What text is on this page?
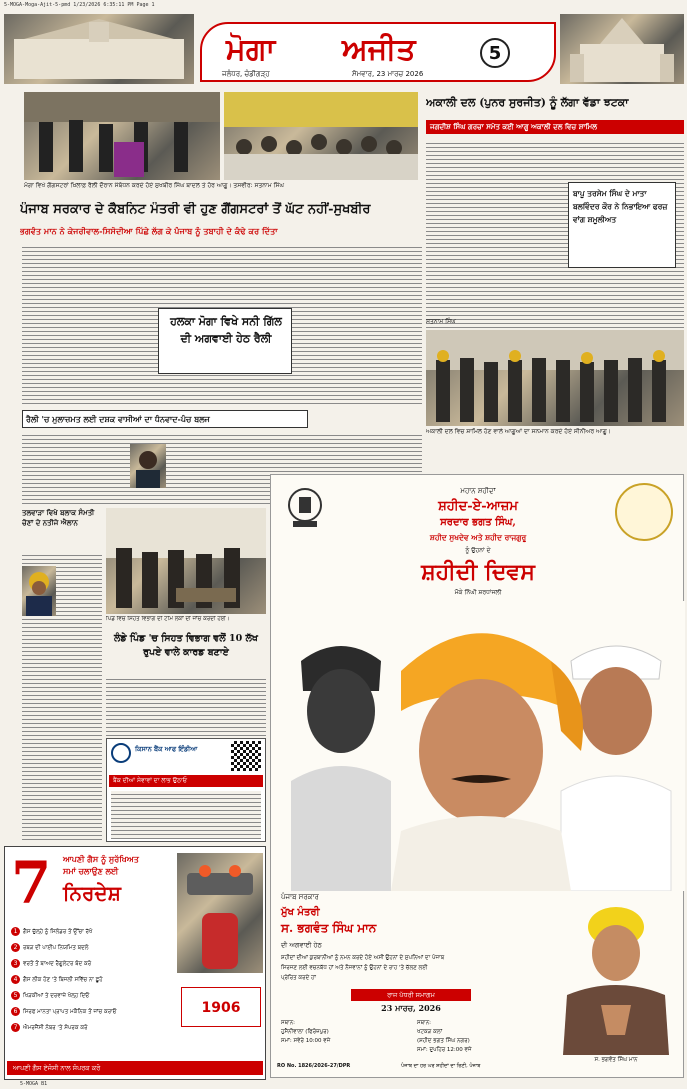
5-MOGA-Moga-Ajit-5-pmd 1/23/2026 6:35:11 PM Page 1
ਮੋਗਾ ਅਜੀਤ
ਜਲੰਧਰ, ਚੰਡੀਗੜ੍ਹ	ਸੋਮਵਾਰ, 23 ਮਾਰਚ 2026
5
ਮੋਗਾ ਵਿਖੇ ਗੈਂਗਸਟਰਾਂ ਖ਼ਿਲਾਫ਼ ਰੈਲੀ ਦੌਰਾਨ ਸੰਬੋਧਨ ਕਰਦੇ ਹੋਏ ਸੁਖਬੀਰ ਸਿੰਘ ਬਾਦਲ ਤੇ ਹੋਰ ਆਗੂ। ਤਸਵੀਰ: ਸਤਨਾਮ ਸਿੰਘ
ਪੰਜਾਬ ਸਰਕਾਰ ਦੇ ਕੈਬਨਿਟ ਮੰਤਰੀ ਵੀ ਹੁਣ ਗੈਂਗਸਟਰਾਂ ਤੋਂ ਘੱਟ ਨਹੀਂ-ਸੁਖਬੀਰ
ਭਗਵੰਤ ਮਾਨ ਨੇ ਕੇਜਰੀਵਾਲ-ਸਿਸੋਦੀਆ ਪਿੱਛੇ ਲੱਗ ਕੇ ਪੰਜਾਬ ਨੂੰ ਤਬਾਹੀ ਦੇ ਕੰਢੇ ਕਰ ਦਿੱਤਾ
ਹਲਕਾ ਮੋਗਾ ਵਿਖੇ ਸਨੀ ਗਿੱਲ ਦੀ ਅਗਵਾਈ ਹੇਠ ਰੈਲੀ
ਰੈਲੀ 'ਚ ਮੁਲਾਜ਼ਮਤ ਲਈ ਦਸ਼ਕ ਵਾਸੀਆਂ ਦਾ ਧੰਨਵਾਦ-ਪੰਚ ਬਲਜ
ਅਕਾਲੀ ਦਲ (ਪੁਨਰ ਸੁਰਜੀਤ) ਨੂੰ ਲੱਗਾ ਵੱਡਾ ਝਟਕਾ
ਜਗਦੀਸ਼ ਸਿੰਘ ਗਰਚਾ ਸਮੇਤ ਕਈ ਆਗੂ ਅਕਾਲੀ ਦਲ ਵਿਚ ਸ਼ਾਮਿਲ
ਬਾਪੂ ਤਰਸੇਮ ਸਿੰਘ ਦੇ ਮਾਤਾ ਬਲਵਿੰਦਰ ਕੌਰ ਨੇ ਨਿਭਾਇਆ ਫਰਜ਼ ਵਾਂਗ ਸ਼ਮੂਲੀਅਤ
ਸਤਨਾਮ ਸਿੰਘ
ਅਕਾਲੀ ਦਲ ਵਿਚ ਸ਼ਾਮਿਲ ਹੋਣ ਵਾਲੇ ਆਗੂਆਂ ਦਾ ਸਨਮਾਨ ਕਰਦੇ ਹੋਏ ਸੀਨੀਅਰ ਆਗੂ।
ਤਲਵਾੜਾ ਵਿਖੇ ਬਲਾਕ ਸੰਮਤੀ ਚੋਣਾਂ ਦੇ ਨਤੀਜੇ ਐਲਾਨ
ਪਿੰਡ ਵਿਚ ਸਿਹਤ ਵਿਭਾਗ ਦੀ ਟੀਮ ਲੋਕਾਂ ਦੀ ਜਾਂਚ ਕਰਦੀ ਹੋਈ।
ਲੰਡੇ ਪਿੰਡ 'ਚ ਸਿਹਤ ਵਿਭਾਗ ਵਲੋਂ 10 ਲੱਖ ਰੁਪਏ ਵਾਲੇ ਕਾਰਡ ਬਣਾਏ
ਕਿਸਾਨ ਬੈਂਕ ਆਫ ਇੰਡੀਆ
ਬੈਂਕ ਦੀਆਂ ਸੇਵਾਵਾਂ ਦਾ ਲਾਭ ਉਠਾਓ
7	ਆਪਣੀ ਗੈਸ ਨੂੰ ਸੁਰੱਖਿਅਤ
ਸਮਾਂ ਚਲਾਉਣ ਲਈ
ਨਿਰਦੇਸ਼
1 ਗੈਸ ਚੁੱਲ੍ਹੇ ਨੂੰ ਸਿਲੰਡਰ ਤੋਂ ਉੱਚਾ ਰੱਖੋ
2 ਰਬੜ ਦੀ ਪਾਈਪ ਨਿਯਮਿਤ ਬਦਲੋ
3 ਵਰਤੋਂ ਤੋਂ ਬਾਅਦ ਰੈਗੂਲੇਟਰ ਬੰਦ ਕਰੋ
4 ਗੈਸ ਲੀਕ ਹੋਣ 'ਤੇ ਬਿਜਲੀ ਸਵਿੱਚ ਨਾ ਛੂਹੋ
5 ਖਿੜਕੀਆਂ ਤੇ ਦਰਵਾਜ਼ੇ ਖੋਲ੍ਹ ਦਿਓ
6 ਸਿਰਫ ਮਾਨਤਾ ਪ੍ਰਾਪਤ ਮਕੈਨਿਕ ਤੋਂ ਜਾਂਚ ਕਰਾਓ
7 ਐਮਰਜੈਂਸੀ ਨੰਬਰ 'ਤੇ ਸੰਪਰਕ ਕਰੋ
1906
ਆਪਣੀ ਗੈਸ ਏਜੰਸੀ ਨਾਲ ਸੰਪਰਕ ਕਰੋ
ਮਹਾਨ ਸ਼ਹੀਦਾਂ
ਸ਼ਹੀਦ-ਏ-ਆਜ਼ਮ
ਸਰਦਾਰ ਭਗਤ ਸਿੰਘ,
ਸ਼ਹੀਦ ਸੁਖਦੇਵ ਅਤੇ ਸ਼ਹੀਦ ਰਾਜਗੁਰੂ
ਨੂੰ ਉਹਨਾਂ ਦੇ
ਸ਼ਹੀਦੀ ਦਿਵਸ
ਮੌਕੇ ਨਿੱਘੀ ਸ਼ਰਧਾਂਜਲੀ
ਪੰਜਾਬ ਸਰਕਾਰ
ਮੁੱਖ ਮੰਤਰੀ
ਸ. ਭਗਵੰਤ ਸਿੰਘ ਮਾਨ
ਦੀ ਅਗਵਾਈ ਹੇਠ
ਸ਼ਹੀਦਾਂ ਦੀਆਂ ਕੁਰਬਾਨੀਆਂ ਨੂੰ ਨਮਨ ਕਰਦੇ ਹੋਏ ਅਸੀਂ ਉਹਨਾਂ ਦੇ ਸੁਪਨਿਆਂ ਦਾ ਪੰਜਾਬ
ਸਿਰਜਣ ਲਈ ਵਚਨਬੱਧ ਹਾਂ ਅਤੇ ਨੌਜਵਾਨਾਂ ਨੂੰ ਉਹਨਾਂ ਦੇ ਰਾਹ 'ਤੇ ਚੱਲਣ ਲਈ
ਪ੍ਰੇਰਿਤ ਕਰਦੇ ਹਾਂ
ਰਾਜ ਪੱਧਰੀ ਸਮਾਗਮ
23 ਮਾਰਚ, 2026
ਸਥਾਨ:
ਹੁਸੈਨੀਵਾਲਾ (ਫਿਰੋਜ਼ਪੁਰ)
ਸਮਾਂ: ਸਵੇਰੇ 10:00 ਵਜੇ
ਸਥਾਨ:
ਖਟਕੜ ਕਲਾਂ
(ਸ਼ਹੀਦ ਭਗਤ ਸਿੰਘ ਨਗਰ)
ਸਮਾਂ: ਦੁਪਹਿਰ 12:00 ਵਜੇ
ਸ. ਭਗਵੰਤ ਸਿੰਘ ਮਾਨ
RO No. 1826/2026-27/DPR	ਪੰਜਾਬ ਦਾ ਹਰ ਘਰ ਸ਼ਹੀਦਾਂ ਦਾ ਰਿਣੀ, ਪੰਜਾਬ
5-MOGA B1
